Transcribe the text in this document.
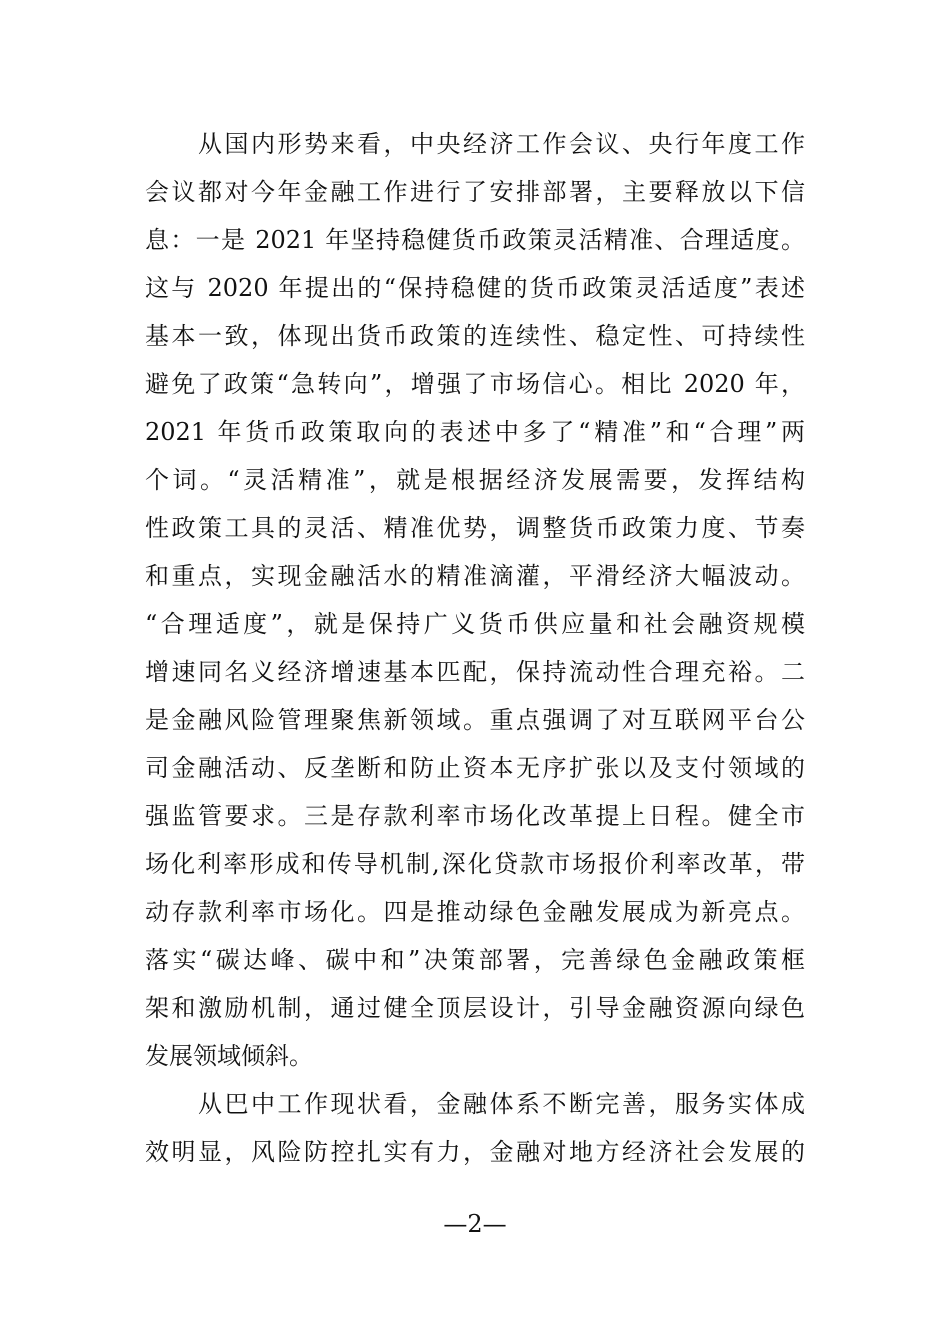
　　从国内形势来看，中央经济工作会议、央行年度工作
会议都对今年金融工作进行了安排部署，主要释放以下信
息：一是 2021 年坚持稳健货币政策灵活精准、合理适度。
这与 2020 年提出的“保持稳健的货币政策灵活适度”表述
基本一致，体现出货币政策的连续性、稳定性、可持续性
避免了政策“急转向”，增强了市场信心。相比 2020 年，
2021 年货币政策取向的表述中多了“精准”和“合理”两
个词。“灵活精准”，就是根据经济发展需要，发挥结构
性政策工具的灵活、精准优势，调整货币政策力度、节奏
和重点，实现金融活水的精准滴灌，平滑经济大幅波动。
“合理适度”，就是保持广义货币供应量和社会融资规模
增速同名义经济增速基本匹配，保持流动性合理充裕。二
是金融风险管理聚焦新领域。重点强调了对互联网平台公
司金融活动、反垄断和防止资本无序扩张以及支付领域的
强监管要求。三是存款利率市场化改革提上日程。健全市
场化利率形成和传导机制,深化贷款市场报价利率改革，带
动存款利率市场化。四是推动绿色金融发展成为新亮点。
落实“碳达峰、碳中和”决策部署，完善绿色金融政策框
架和激励机制，通过健全顶层设计，引导金融资源向绿色
发展领域倾斜。
　　从巴中工作现状看，金融体系不断完善，服务实体成
效明显，风险防控扎实有力，金融对地方经济社会发展的
—2—
